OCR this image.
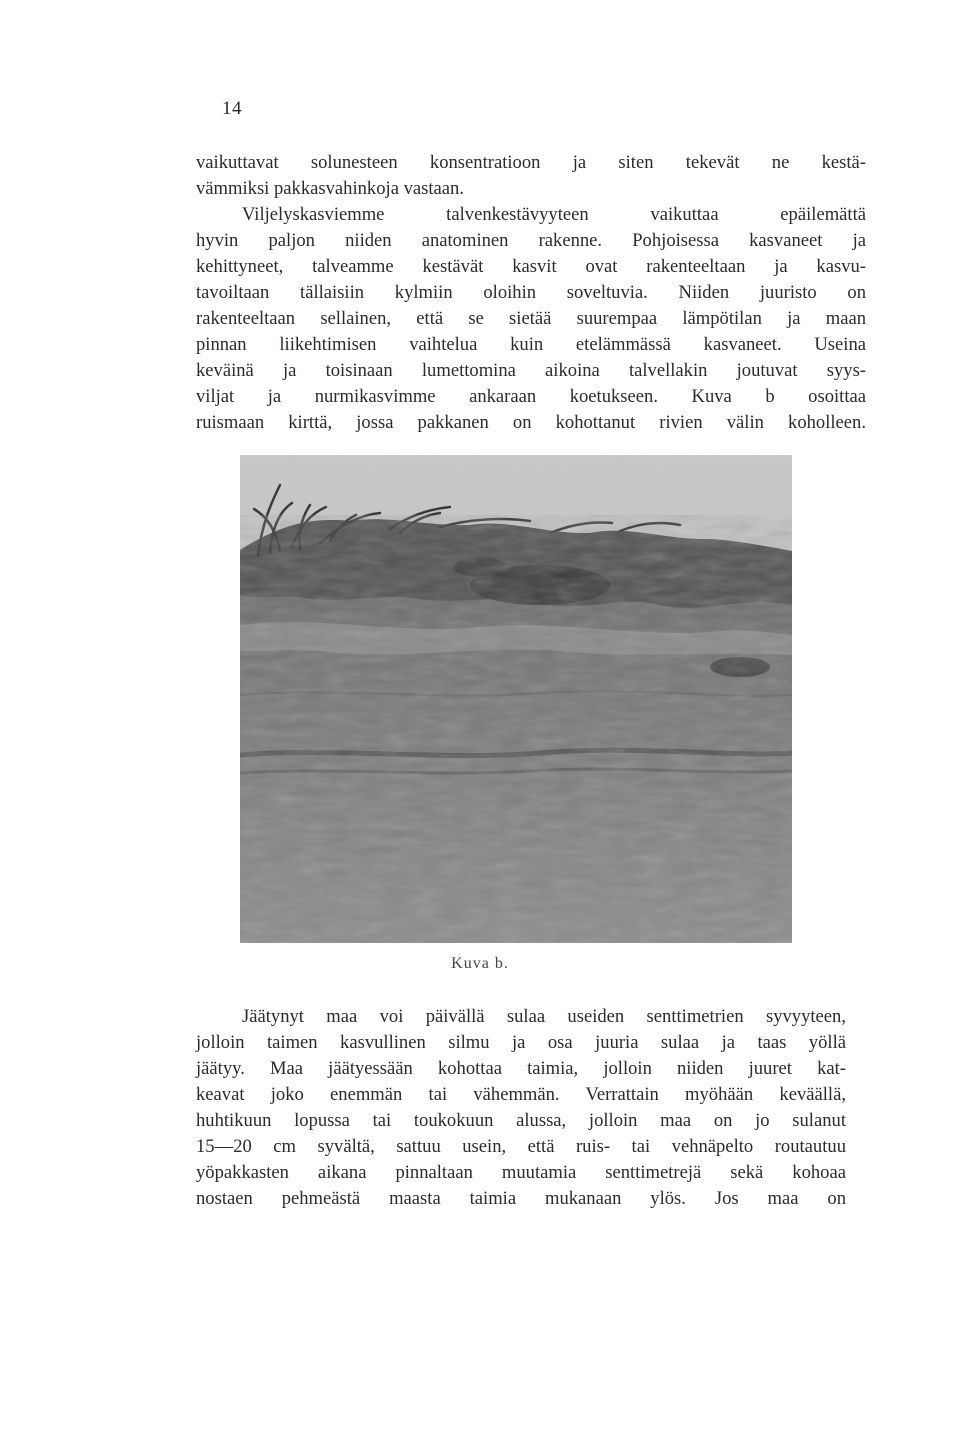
14
vaikuttavat solunesteen konsentratioon ja siten tekevät ne kestä-
vämmiksi pakkasvahinkoja vastaan.
Viljelyskasviemme talvenkestävyyteen vaikuttaa epäilemättä
hyvin paljon niiden anatominen rakenne. Pohjoisessa kasvaneet ja
kehittyneet, talveamme kestävät kasvit ovat rakenteeltaan ja kasvu-
tavoiltaan tällaisiin kylmiin oloihin soveltuvia. Niiden juuristo on
rakenteeltaan sellainen, että se sietää suurempaa lämpötilan ja maan
pinnan liikehtimisen vaihtelua kuin etelämmässä kasvaneet. Useina
keväinä ja toisinaan lumettomina aikoina talvellakin joutuvat syys-
viljat ja nurmikasvimme ankaraan koetukseen. Kuva b osoittaa
ruismaan kirttä, jossa pakkanen on kohottanut rivien välin koholleen.
Kuva b.
Jäätynyt maa voi päivällä sulaa useiden senttimetrien syvyyteen,
jolloin taimen kasvullinen silmu ja osa juuria sulaa ja taas yöllä
jäätyy. Maa jäätyessään kohottaa taimia, jolloin niiden juuret kat-
keavat joko enemmän tai vähemmän. Verrattain myöhään keväällä,
huhtikuun lopussa tai toukokuun alussa, jolloin maa on jo sulanut
15—20 cm syvältä, sattuu usein, että ruis- tai vehnäpelto routautuu
yöpakkasten aikana pinnaltaan muutamia senttimetrejä sekä kohoaa
nostaen pehmeästä maasta taimia mukanaan ylös. Jos maa on
